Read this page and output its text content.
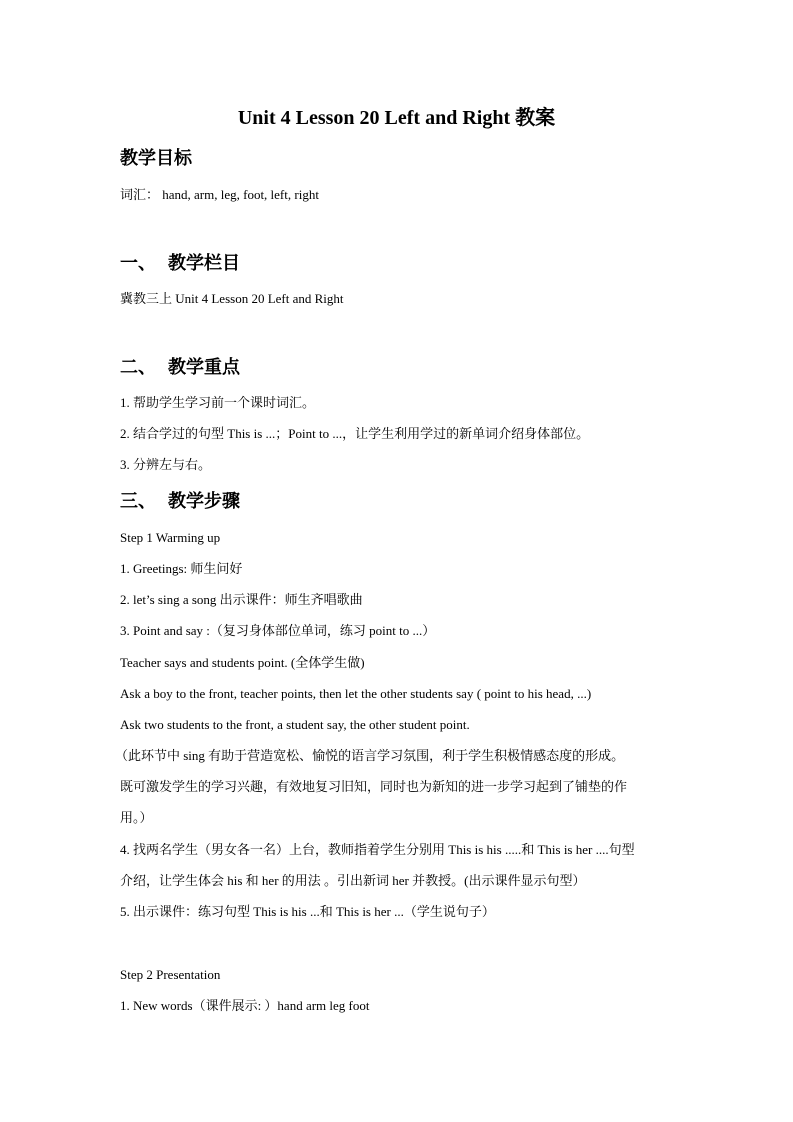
Unit 4 Lesson 20 Left and Right 教案
教学目标
词汇： hand, arm, leg, foot, left, right
一、 教学栏目
冀教三上 Unit 4 Lesson 20 Left and Right
二、 教学重点
1. 帮助学生学习前一个课时词汇。
2. 结合学过的句型 This is ...；Point to ...，让学生利用学过的新单词介绍身体部位。
3. 分辨左与右。
三、 教学步骤
Step 1 Warming up
1. Greetings: 师生问好
2. let’s sing a song 出示课件：师生齐唱歌曲
3. Point and say :（复习身体部位单词，练习 point to ...）
Teacher says and students point. (全体学生做)
Ask a boy to the front, teacher points, then let the other students say ( point to his head, ...)
Ask two students to the front, a student say, the other student point.
（此环节中 sing 有助于营造宽松、愉悦的语言学习氛围，利于学生积极情感态度的形成。
既可激发学生的学习兴趣，有效地复习旧知，同时也为新知的进一步学习起到了铺垫的作
用。）
4. 找两名学生（男女各一名）上台，教师指着学生分别用 This is his .....和 This is her ....句型
介绍，让学生体会 his 和 her 的用法 。引出新词 her 并教授。(出示课件显示句型）
5. 出示课件：练习句型 This is his ...和 This is her ...（学生说句子）
Step 2 Presentation
1. New words（课件展示: ）hand arm leg foot
